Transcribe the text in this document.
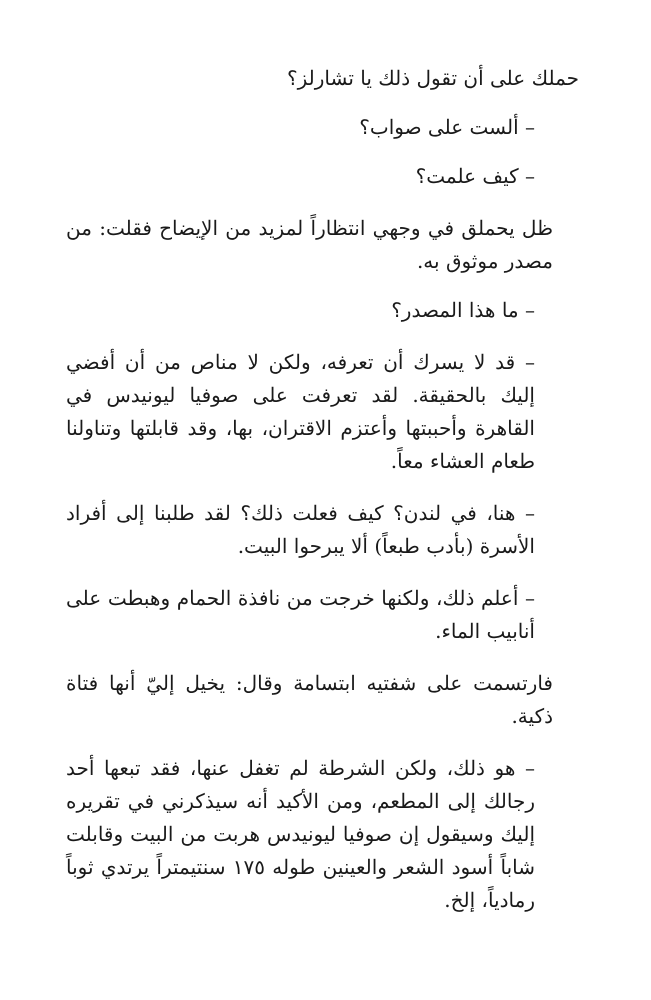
حملك على أن تقول ذلك يا تشارلز؟

– ألست على صواب؟

– كيف علمت؟

ظل يحملق في وجهي انتظاراً لمزيد من الإيضاح فقلت: من مصدر موثوق به.

– ما هذا المصدر؟

– قد لا يسرك أن تعرفه، ولكن لا مناص من أن أفضي إليك بالحقيقة. لقد تعرفت على صوفيا ليونيدس في القاهرة وأحببتها وأعتزم الاقتران، بها، وقد قابلتها وتناولنا طعام العشاء معاً.

– هنا، في لندن؟ كيف فعلت ذلك؟ لقد طلبنا إلى أفراد الأسرة (بأدب طبعاً) ألا يبرحوا البيت.

– أعلم ذلك، ولكنها خرجت من نافذة الحمام وهبطت على أنابيب الماء.

فارتسمت على شفتيه ابتسامة وقال: يخيل إليّ أنها فتاة ذكية.

– هو ذلك، ولكن الشرطة لم تغفل عنها، فقد تبعها أحد رجالك إلى المطعم، ومن الأكيد أنه سيذكرني في تقريره إليك وسيقول إن صوفيا ليونيدس هربت من البيت وقابلت شاباً أسود الشعر والعينين طوله ١٧٥ سنتيمتراً يرتدي ثوباً رمادياً، إلخ.
